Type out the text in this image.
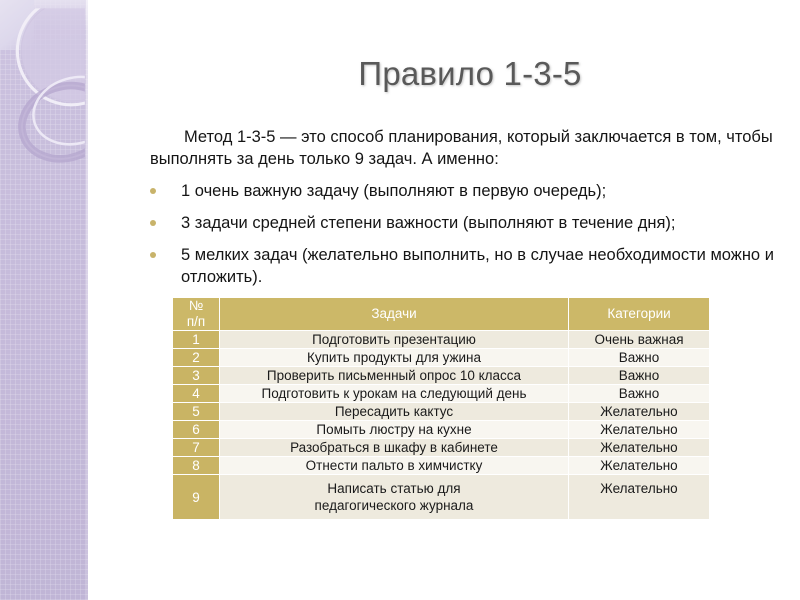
Правило 1-3-5

Метод 1-3-5 — это способ планирования, который заключается в том, чтобы выполнять за день только 9 задач. А именно:

1 очень важную задачу (выполняют в первую очередь);
3 задачи средней степени важности (выполняют в течение дня);
5 мелких задач (желательно выполнить, но в случае необходимости можно и отложить).
№
п/п	Задачи	Категории
1	Подготовить презентацию	Очень важная
2	Купить продукты для ужина	Важно
3	Проверить письменный опрос 10 класса	Важно
4	Подготовить к урокам на следующий день	Важно
5	Пересадить кактус	Желательно
6	Помыть люстру на кухне	Желательно
7	Разобраться в шкафу в кабинете	Желательно
8	Отнести пальто в химчистку	Желательно
9	Написать статью для педагогического журнала	Желательно
